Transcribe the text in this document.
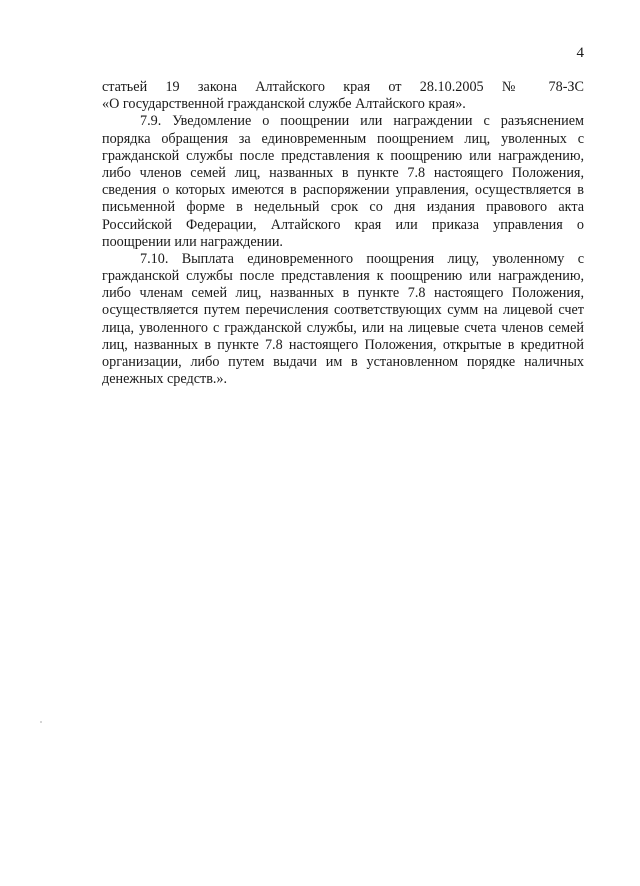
4
статьей 19 закона Алтайского края от 28.10.2005 № 78-ЗС
«О государственной гражданской службе Алтайского края».
7.9. Уведомление о поощрении или награждении с разъяснением
порядка обращения за единовременным поощрением лиц, уволенных с
гражданской службы после представления к поощрению или награждению,
либо членов семей лиц, названных в пункте 7.8 настоящего Положения,
сведения о которых имеются в распоряжении управления, осуществляется в
письменной форме в недельный срок со дня издания правового акта
Российской Федерации, Алтайского края или приказа управления о
поощрении или награждении.
7.10. Выплата единовременного поощрения лицу, уволенному с
гражданской службы после представления к поощрению или награждению,
либо членам семей лиц, названных в пункте 7.8 настоящего Положения,
осуществляется путем перечисления соответствующих сумм на лицевой счет
лица, уволенного с гражданской службы, или на лицевые счета членов семей
лиц, названных в пункте 7.8 настоящего Положения, открытые в кредитной
организации, либо путем выдачи им в установленном порядке наличных
денежных средств.».
